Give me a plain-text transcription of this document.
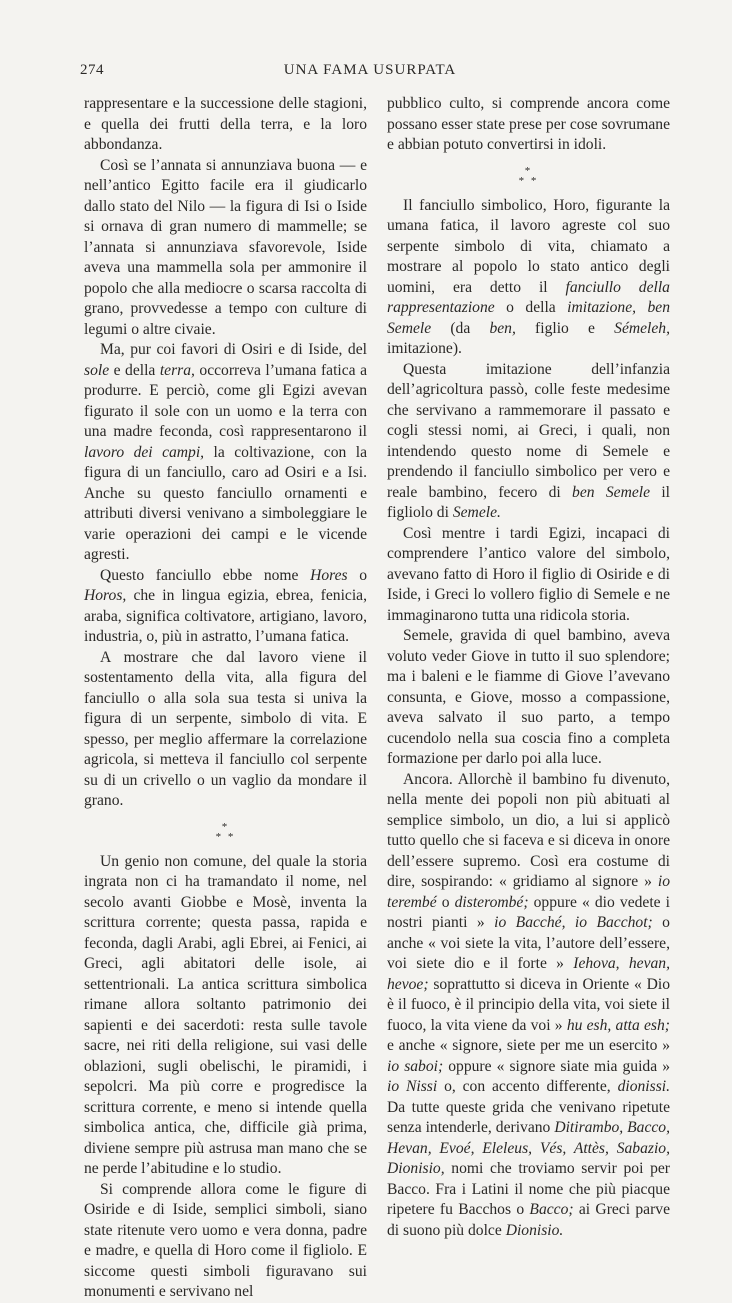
274	UNA FAMA USURPATA

rappresentare e la successione delle stagioni, e quella dei frutti della terra, e la loro abbondanza.

Così se l’annata si annunziava buona — e nell’antico Egitto facile era il giudicarlo dallo stato del Nilo — la figura di Isi o Iside si ornava di gran numero di mammelle; se l’annata si annunziava sfavorevole, Iside aveva una mammella sola per ammonire il popolo che alla mediocre o scarsa raccolta di grano, provvedesse a tempo con culture di legumi o altre civaie.

Ma, pur coi favori di Osiri e di Iside, del sole e della terra, occorreva l’umana fatica a produrre. E perciò, come gli Egizi avevan figurato il sole con un uomo e la terra con una madre feconda, così rappresentarono il lavoro dei campi, la coltivazione, con la figura di un fanciullo, caro ad Osiri e a Isi. Anche su questo fanciullo ornamenti e attributi diversi venivano a simboleggiare le varie operazioni dei campi e le vicende agresti.

Questo fanciullo ebbe nome Hores o Horos, che in lingua egizia, ebrea, fenicia, araba, significa coltivatore, artigiano, lavoro, industria, o, più in astratto, l’umana fatica.

A mostrare che dal lavoro viene il sostentamento della vita, alla figura del fanciullo o alla sola sua testa si univa la figura di un serpente, simbolo di vita. E spesso, per meglio affermare la correlazione agricola, si metteva il fanciullo col serpente su di un crivello o un vaglio da mondare il grano.

*
* *

Un genio non comune, del quale la storia ingrata non ci ha tramandato il nome, nel secolo avanti Giobbe e Mosè, inventa la scrittura corrente; questa passa, rapida e feconda, dagli Arabi, agli Ebrei, ai Fenici, ai Greci, agli abitatori delle isole, ai settentrionali. La antica scrittura simbolica rimane allora soltanto patrimonio dei sapienti e dei sacerdoti: resta sulle tavole sacre, nei riti della religione, sui vasi delle oblazioni, sugli obelischi, le piramidi, i sepolcri. Ma più corre e progredisce la scrittura corrente, e meno si intende quella simbolica antica, che, difficile già prima, diviene sempre più astrusa man mano che se ne perde l’abitudine e lo studio.

Si comprende allora come le figure di Osiride e di Iside, semplici simboli, siano state ritenute vero uomo e vera donna, padre e madre, e quella di Horo come il figliolo. E siccome questi simboli figuravano sui monumenti e servivano nel

pubblico culto, si comprende ancora come possano esser state prese per cose sovrumane e abbian potuto convertirsi in idoli.

*
* *

Il fanciullo simbolico, Horo, figurante la umana fatica, il lavoro agreste col suo serpente simbolo di vita, chiamato a mostrare al popolo lo stato antico degli uomini, era detto il fanciullo della rappresentazione o della imitazione, ben Semele (da ben, figlio e Sémeleh, imitazione).

Questa imitazione dell’infanzia dell’agricoltura passò, colle feste medesime che servivano a rammemorare il passato e cogli stessi nomi, ai Greci, i quali, non intendendo questo nome di Semele e prendendo il fanciullo simbolico per vero e reale bambino, fecero di ben Semele il figliolo di Semele.

Così mentre i tardi Egizi, incapaci di comprendere l’antico valore del simbolo, avevano fatto di Horo il figlio di Osiride e di Iside, i Greci lo vollero figlio di Semele e ne immaginarono tutta una ridicola storia.

Semele, gravida di quel bambino, aveva voluto veder Giove in tutto il suo splendore; ma i baleni e le fiamme di Giove l’avevano consunta, e Giove, mosso a compassione, aveva salvato il suo parto, a tempo cucendolo nella sua coscia fino a completa formazione per darlo poi alla luce.

Ancora. Allorchè il bambino fu divenuto, nella mente dei popoli non più abituati al semplice simbolo, un dio, a lui si applicò tutto quello che si faceva e si diceva in onore dell’essere supremo. Così era costume di dire, sospirando: « gridiamo al signore » io terembé o disterombé; oppure « dio vedete i nostri pianti » io Bacché, io Bacchot; o anche « voi siete la vita, l’autore dell’essere, voi siete dio e il forte » Iehova, hevan, hevoe; soprattutto si diceva in Oriente « Dio è il fuoco, è il principio della vita, voi siete il fuoco, la vita viene da voi » hu esh, atta esh; e anche « signore, siete per me un esercito » io saboi; oppure « signore siate mia guida » io Nissi o, con accento differente, dionissi. Da tutte queste grida che venivano ripetute senza intenderle, derivano Ditirambo, Bacco, Hevan, Evoé, Eleleus, Vés, Attès, Sabazio, Dionisio, nomi che troviamo servir poi per Bacco. Fra i Latini il nome che più piacque ripetere fu Bacchos o Bacco; ai Greci parve di suono più dolce Dionisio.
